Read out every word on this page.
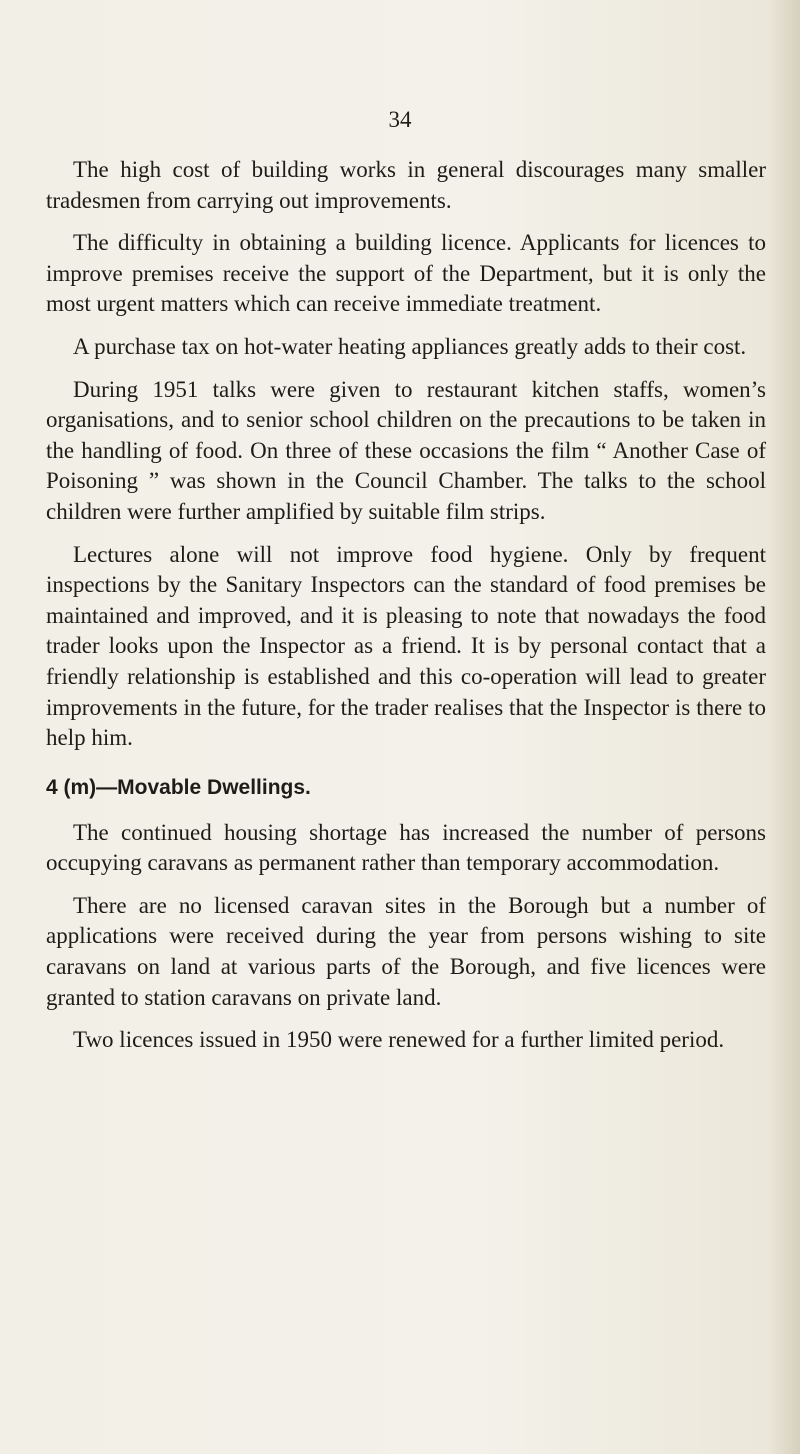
34

The high cost of building works in general discourages many smaller tradesmen from carrying out improvements.

The difficulty in obtaining a building licence. Applicants for licences to improve premises receive the support of the Department, but it is only the most urgent matters which can receive immediate treatment.

A purchase tax on hot-water heating appliances greatly adds to their cost.

During 1951 talks were given to restaurant kitchen staffs, women’s organisations, and to senior school children on the precautions to be taken in the handling of food. On three of these occasions the film “ Another Case of Poisoning ” was shown in the Council Chamber. The talks to the school children were further amplified by suitable film strips.

Lectures alone will not improve food hygiene. Only by frequent inspections by the Sanitary Inspectors can the standard of food premises be maintained and improved, and it is pleasing to note that nowadays the food trader looks upon the Inspector as a friend. It is by personal contact that a friendly relationship is established and this co-operation will lead to greater improvements in the future, for the trader realises that the Inspector is there to help him.

4 (m)—Movable Dwellings.

The continued housing shortage has increased the number of persons occupying caravans as permanent rather than temporary accommodation.

There are no licensed caravan sites in the Borough but a number of applications were received during the year from persons wishing to site caravans on land at various parts of the Borough, and five licences were granted to station caravans on private land.

Two licences issued in 1950 were renewed for a further limited period.
